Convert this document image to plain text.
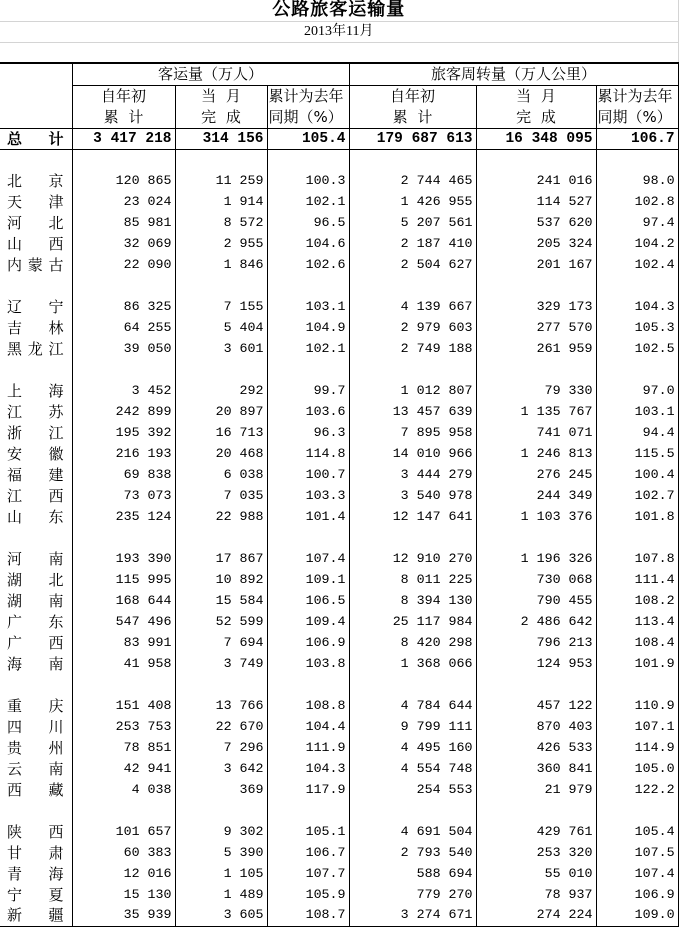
公路旅客运输量						
2013年11月						

	客运量（万人）			旅客周转量（万人公里）		
	自年初	当 月	累计为去年	自年初	当 月	累计为去年
	累 计	完 成	同期（%）	累 计	完 成	同期（%）
总计	3 417 218	314 156	105.4	179 687 613	16 348 095	106.7

北京	120 865	11 259	100.3	2 744 465	241 016	98.0
天津	23 024	1 914	102.1	1 426 955	114 527	102.8
河北	85 981	8 572	96.5	5 207 561	537 620	97.4
山西	32 069	2 955	104.6	2 187 410	205 324	104.2
内蒙古	22 090	1 846	102.6	2 504 627	201 167	102.4

辽宁	86 325	7 155	103.1	4 139 667	329 173	104.3
吉林	64 255	5 404	104.9	2 979 603	277 570	105.3
黑龙江	39 050	3 601	102.1	2 749 188	261 959	102.5

上海	3 452	292	99.7	1 012 807	79 330	97.0
江苏	242 899	20 897	103.6	13 457 639	1 135 767	103.1
浙江	195 392	16 713	96.3	7 895 958	741 071	94.4
安徽	216 193	20 468	114.8	14 010 966	1 246 813	115.5
福建	69 838	6 038	100.7	3 444 279	276 245	100.4
江西	73 073	7 035	103.3	3 540 978	244 349	102.7
山东	235 124	22 988	101.4	12 147 641	1 103 376	101.8

河南	193 390	17 867	107.4	12 910 270	1 196 326	107.8
湖北	115 995	10 892	109.1	8 011 225	730 068	111.4
湖南	168 644	15 584	106.5	8 394 130	790 455	108.2
广东	547 496	52 599	109.4	25 117 984	2 486 642	113.4
广西	83 991	7 694	106.9	8 420 298	796 213	108.4
海南	41 958	3 749	103.8	1 368 066	124 953	101.9

重庆	151 408	13 766	108.8	4 784 644	457 122	110.9
四川	253 753	22 670	104.4	9 799 111	870 403	107.1
贵州	78 851	7 296	111.9	4 495 160	426 533	114.9
云南	42 941	3 642	104.3	4 554 748	360 841	105.0
西藏	4 038	369	117.9	254 553	21 979	122.2

陕西	101 657	9 302	105.1	4 691 504	429 761	105.4
甘肃	60 383	5 390	106.7	2 793 540	253 320	107.5
青海	12 016	1 105	107.7	588 694	55 010	107.4
宁夏	15 130	1 489	105.9	779 270	78 937	106.9
新疆	35 939	3 605	108.7	3 274 671	274 224	109.0
